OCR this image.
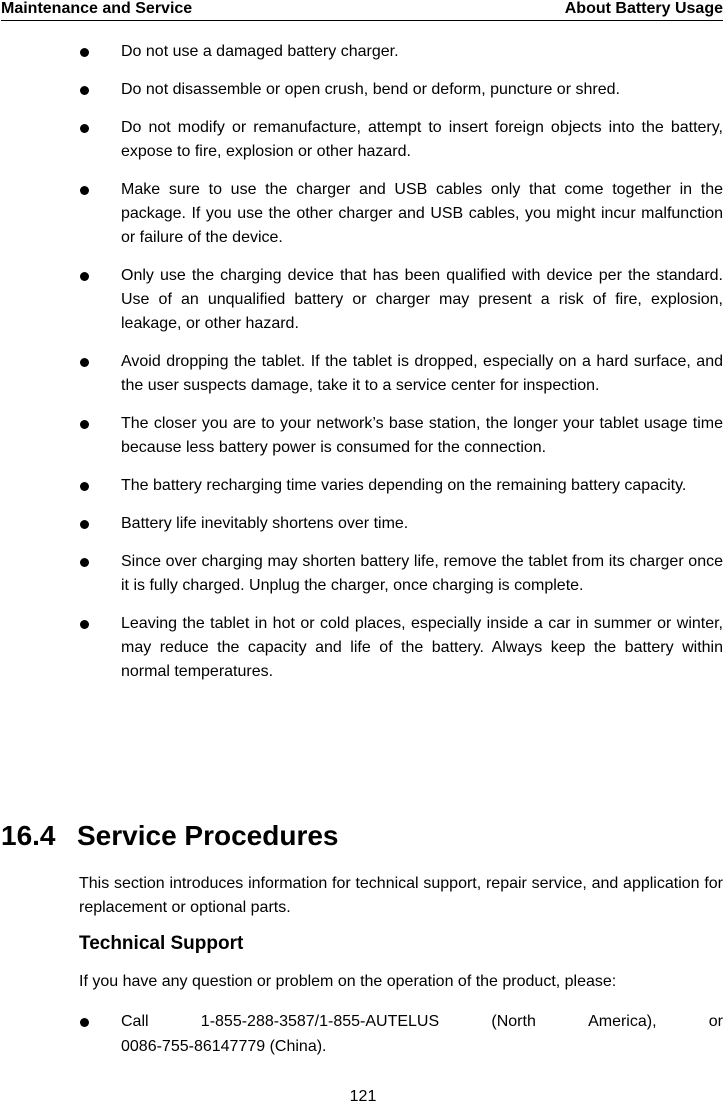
Maintenance and Service	About Battery Usage
Do not use a damaged battery charger.
Do not disassemble or open crush, bend or deform, puncture or shred.
Do not modify or remanufacture, attempt to insert foreign objects into the battery, expose to fire, explosion or other hazard.
Make sure to use the charger and USB cables only that come together in the package. If you use the other charger and USB cables, you might incur malfunction or failure of the device.
Only use the charging device that has been qualified with device per the standard. Use of an unqualified battery or charger may present a risk of fire, explosion, leakage, or other hazard.
Avoid dropping the tablet. If the tablet is dropped, especially on a hard surface, and the user suspects damage, take it to a service center for inspection.
The closer you are to your network’s base station, the longer your tablet usage time because less battery power is consumed for the connection.
The battery recharging time varies depending on the remaining battery capacity.
Battery life inevitably shortens over time.
Since over charging may shorten battery life, remove the tablet from its charger once it is fully charged. Unplug the charger, once charging is complete.
Leaving the tablet in hot or cold places, especially inside a car in summer or winter, may reduce the capacity and life of the battery. Always keep the battery within normal temperatures.
16.4 Service Procedures
This section introduces information for technical support, repair service, and application for replacement or optional parts.
Technical Support
If you have any question or problem on the operation of the product, please:
Call	1-855-288-3587/1-855-AUTELUS	(North	America),	or
0086-755-86147779 (China).
121
